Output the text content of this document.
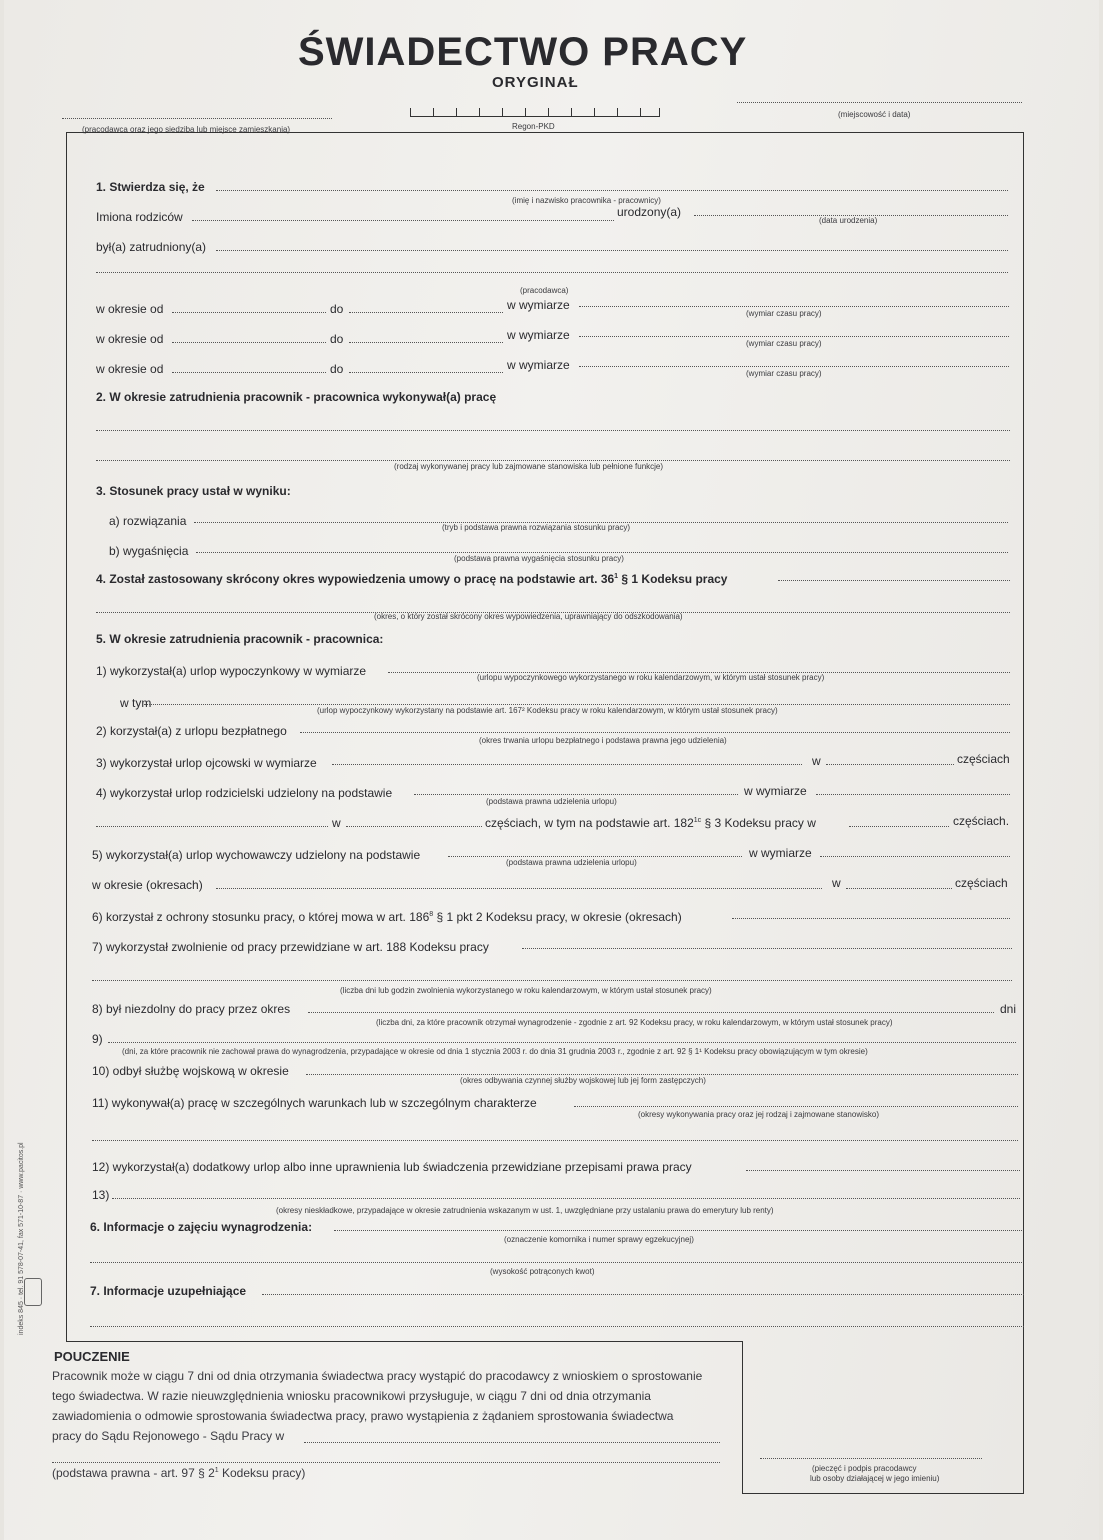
ŚWIADECTWO PRACY
ORYGINAŁ
(pracodawca oraz jego siedziba lub miejsce zamieszkania)	Regon-PKD
(miejscowość i data)
1. Stwierdza się, że
(imię i nazwisko pracownika - pracownicy)
Imiona rodziców	urodzony(a)
(data urodzenia)
był(a) zatrudniony(a)
(pracodawca)
w okresie od	do	w wymiarze
(wymiar czasu pracy)
w okresie od	do	w wymiarze
(wymiar czasu pracy)
w okresie od	do	w wymiarze
(wymiar czasu pracy)
2. W okresie zatrudnienia pracownik - pracownica wykonywał(a) pracę
(rodzaj wykonywanej pracy lub zajmowane stanowiska lub pełnione funkcje)
3. Stosunek pracy ustał w wyniku:
a) rozwiązania	(tryb i podstawa prawna rozwiązania stosunku pracy)
b) wygaśnięcia
(podstawa prawna wygaśnięcia stosunku pracy)
4. Został zastosowany skrócony okres wypowiedzenia umowy o pracę na podstawie art. $36^1$ § 1 Kodeksu pracy
(okres, o który został skrócony okres wypowiedzenia, uprawniający do odszkodowania)
5. W okresie zatrudnienia pracownik - pracownica:
1) wykorzystał(a) urlop wypoczynkowy w wymiarze	(urlopu wypoczynkowego wykorzystanego w roku kalendarzowym, w którym ustał stosunek pracy)
w tym
(urlop wypoczynkowy wykorzystany na podstawie art. 167² Kodeksu pracy w roku kalendarzowym, w którym ustał stosunek pracy)
2) korzystał(a) z urlopu bezpłatnego
(okres trwania urlopu bezpłatnego i podstawa prawna jego udzielenia)
3) wykorzystał urlop ojcowski w wymiarze	w	częściach
4) wykorzystał urlop rodzicielski udzielony na podstawie
(podstawa prawna udzielenia urlopu)
w wymiarze
w	częściach, w tym na podstawie art. $182^{1c}$ § 3 Kodeksu pracy w	częściach.
5) wykorzystał(a) urlop wychowawczy udzielony na podstawie
(podstawa prawna udzielenia urlopu)
w wymiarze
w okresie (okresach)	w	częściach
6) korzystał z ochrony stosunku pracy, o której mowa w art. $186^8$ § 1 pkt 2 Kodeksu pracy, w okresie (okresach)
7) wykorzystał zwolnienie od pracy przewidziane w art. 188 Kodeksu pracy
(liczba dni lub godzin zwolnienia wykorzystanego w roku kalendarzowym, w którym ustał stosunek pracy)
8) był niezdolny do pracy przez okres	dni
(liczba dni, za które pracownik otrzymał wynagrodzenie - zgodnie z art. 92 Kodeksu pracy, w roku kalendarzowym, w którym ustał stosunek pracy)
9)
(dni, za które pracownik nie zachował prawa do wynagrodzenia, przypadające w okresie od dnia 1 stycznia 2003 r. do dnia 31 grudnia 2003 r., zgodnie z art. 92 § 1¹ Kodeksu pracy obowiązującym w tym okresie)
10) odbył służbę wojskową w okresie
(okres odbywania czynnej służby wojskowej lub jej form zastępczych)
11) wykonywał(a) pracę w szczególnych warunkach lub w szczególnym charakterze
(okresy wykonywania pracy oraz jej rodzaj i zajmowane stanowisko)
12) wykorzystał(a) dodatkowy urlop albo inne uprawnienia lub świadczenia przewidziane przepisami prawa pracy
13)
(okresy nieskładkowe, przypadające w okresie zatrudnienia wskazanym w ust. 1, uwzględniane przy ustalaniu prawa do emerytury lub renty)
6. Informacje o zajęciu wynagrodzenia:
(oznaczenie komornika i numer sprawy egzekucyjnej)
(wysokość potrąconych kwot)
7. Informacje uzupełniające
POUCZENIE
Pracownik może w ciągu 7 dni od dnia otrzymania świadectwa pracy wystąpić do pracodawcy z wnioskiem o sprostowanie
tego świadectwa. W razie nieuwzględnienia wniosku pracownikowi przysługuje, w ciągu 7 dni od dnia otrzymania
zawiadomienia o odmowie sprostowania świadectwa pracy, prawo wystąpienia z żądaniem sprostowania świadectwa
pracy do Sądu Rejonowego - Sądu Pracy w
(podstawa prawna - art. 97 § $2^1$ Kodeksu pracy)	(pieczęć i podpis pracodawcy
lub osoby działającej w jego imieniu)
indeks 845 · tel. 91 578-07-41, fax 571-10-87 · www.pacitos.pl
